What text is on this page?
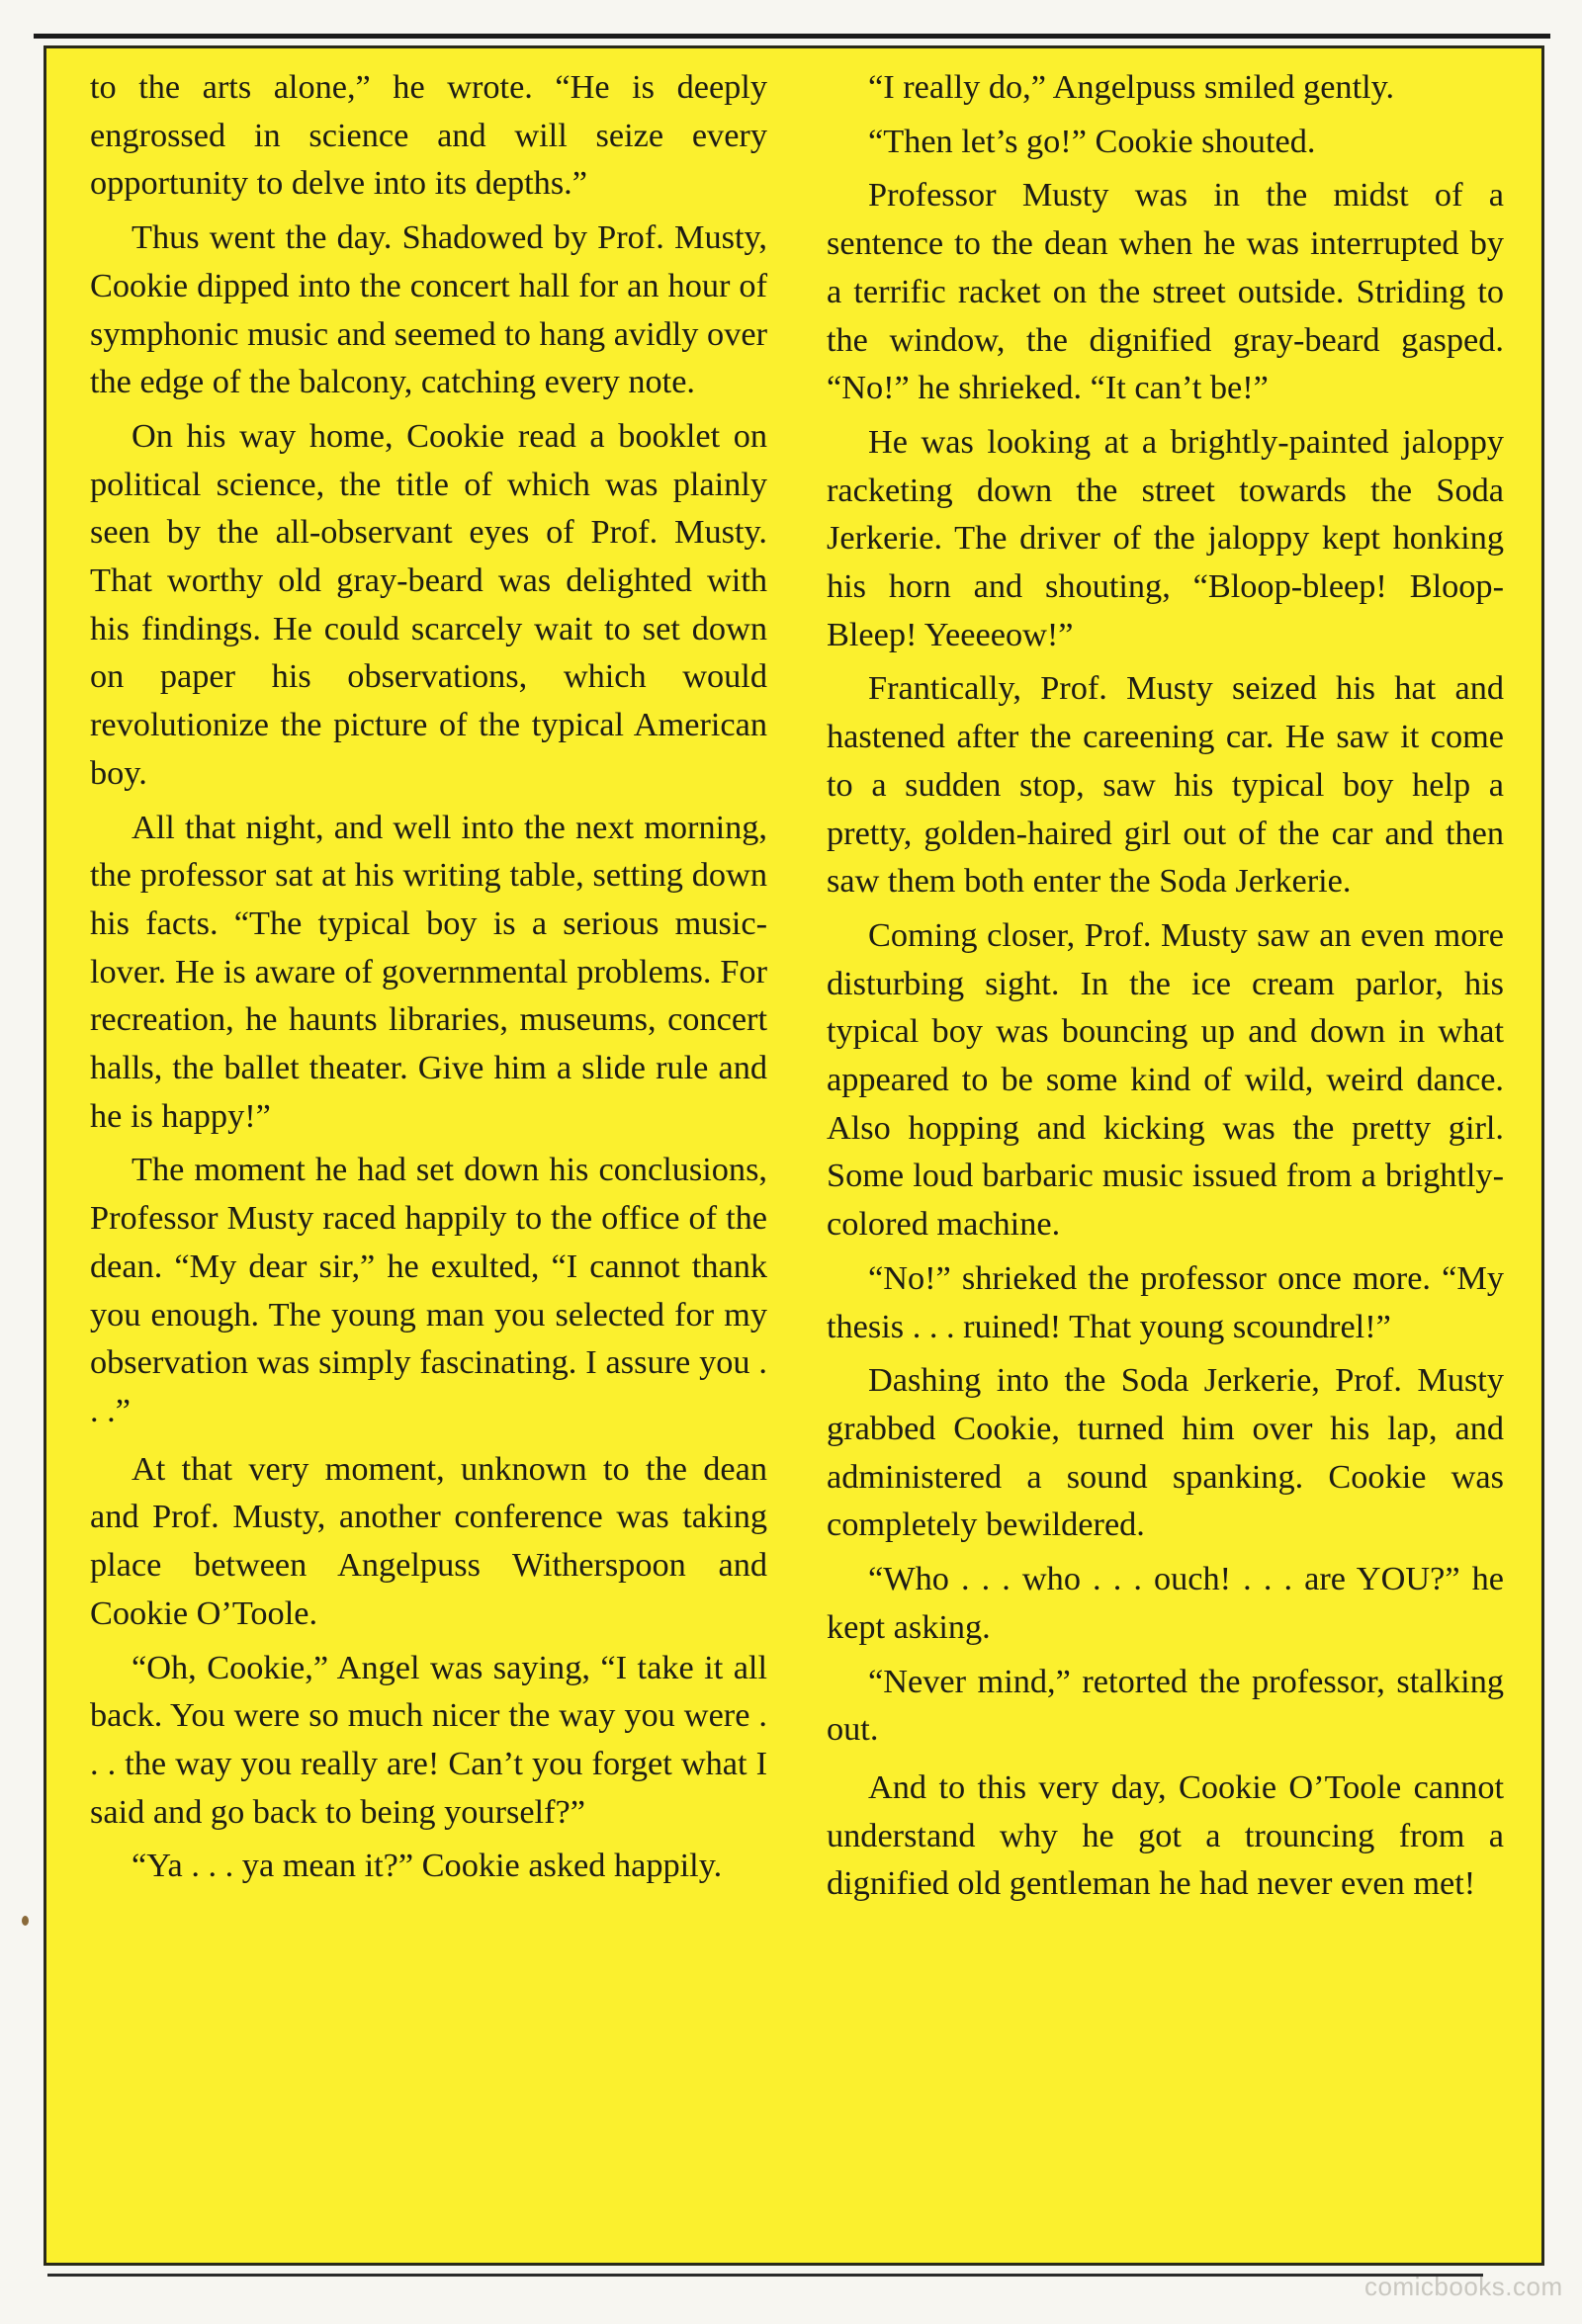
to the arts alone,” he wrote. “He is deeply engrossed in science and will seize every opportunity to delve into its depths.”

Thus went the day. Shadowed by Prof. Musty, Cookie dipped into the concert hall for an hour of symphonic music and seemed to hang avidly over the edge of the balcony, catching every note.

On his way home, Cookie read a booklet on political science, the title of which was plainly seen by the all-observant eyes of Prof. Musty. That worthy old gray-beard was delighted with his findings. He could scarcely wait to set down on paper his observations, which would revolutionize the picture of the typical American boy.

All that night, and well into the next morning, the professor sat at his writing table, setting down his facts. “The typical boy is a serious music-lover. He is aware of governmental problems. For recreation, he haunts libraries, museums, concert halls, the ballet theater. Give him a slide rule and he is happy!”

The moment he had set down his conclusions, Professor Musty raced happily to the office of the dean. “My dear sir,” he exulted, “I cannot thank you enough. The young man you selected for my observation was simply fascinating. I assure you . . .”

At that very moment, unknown to the dean and Prof. Musty, another conference was taking place between Angelpuss Witherspoon and Cookie O’Toole.

“Oh, Cookie,” Angel was saying, “I take it all back. You were so much nicer the way you were . . . the way you really are! Can’t you forget what I said and go back to being yourself?”

“Ya . . . ya mean it?” Cookie asked happily.

“I really do,” Angelpuss smiled gently.

“Then let’s go!” Cookie shouted.

Professor Musty was in the midst of a sentence to the dean when he was interrupted by a terrific racket on the street outside. Striding to the window, the dignified gray-beard gasped. “No!” he shrieked. “It can’t be!”

He was looking at a brightly-painted jaloppy racketing down the street towards the Soda Jerkerie. The driver of the jaloppy kept honking his horn and shouting, “Bloop-bleep! Bloop-Bleep! Yeeeeow!”

Frantically, Prof. Musty seized his hat and hastened after the careening car. He saw it come to a sudden stop, saw his typical boy help a pretty, golden-haired girl out of the car and then saw them both enter the Soda Jerkerie.

Coming closer, Prof. Musty saw an even more disturbing sight. In the ice cream parlor, his typical boy was bouncing up and down in what appeared to be some kind of wild, weird dance. Also hopping and kicking was the pretty girl. Some loud barbaric music issued from a brightly-colored machine.

“No!” shrieked the professor once more. “My thesis . . . ruined! That young scoundrel!”

Dashing into the Soda Jerkerie, Prof. Musty grabbed Cookie, turned him over his lap, and administered a sound spanking. Cookie was completely bewildered.

“Who . . . who . . . ouch! . . . are YOU?” he kept asking.

“Never mind,” retorted the professor, stalking out.

And to this very day, Cookie O’Toole cannot understand why he got a trouncing from a dignified old gentleman he had never even met!

comicbooks.com
